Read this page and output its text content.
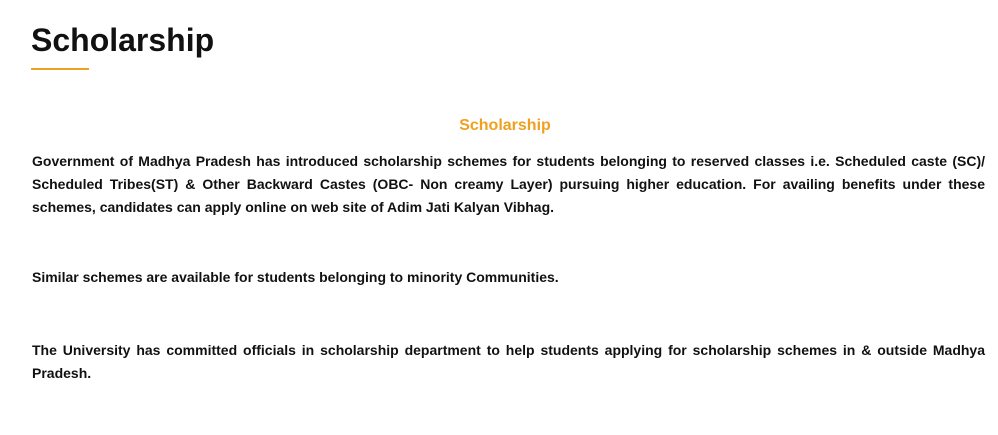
Scholarship
Scholarship

Government of Madhya Pradesh has introduced scholarship schemes for students belonging to reserved classes i.e. Scheduled caste (SC)/ Scheduled Tribes(ST) & Other Backward Castes (OBC- Non creamy Layer) pursuing higher education. For availing benefits under these schemes, candidates can apply online on web site of Adim Jati Kalyan Vibhag.

Similar schemes are available for students belonging to minority Communities.

The University has committed officials in scholarship department to help students applying for scholarship schemes in & outside Madhya Pradesh.
